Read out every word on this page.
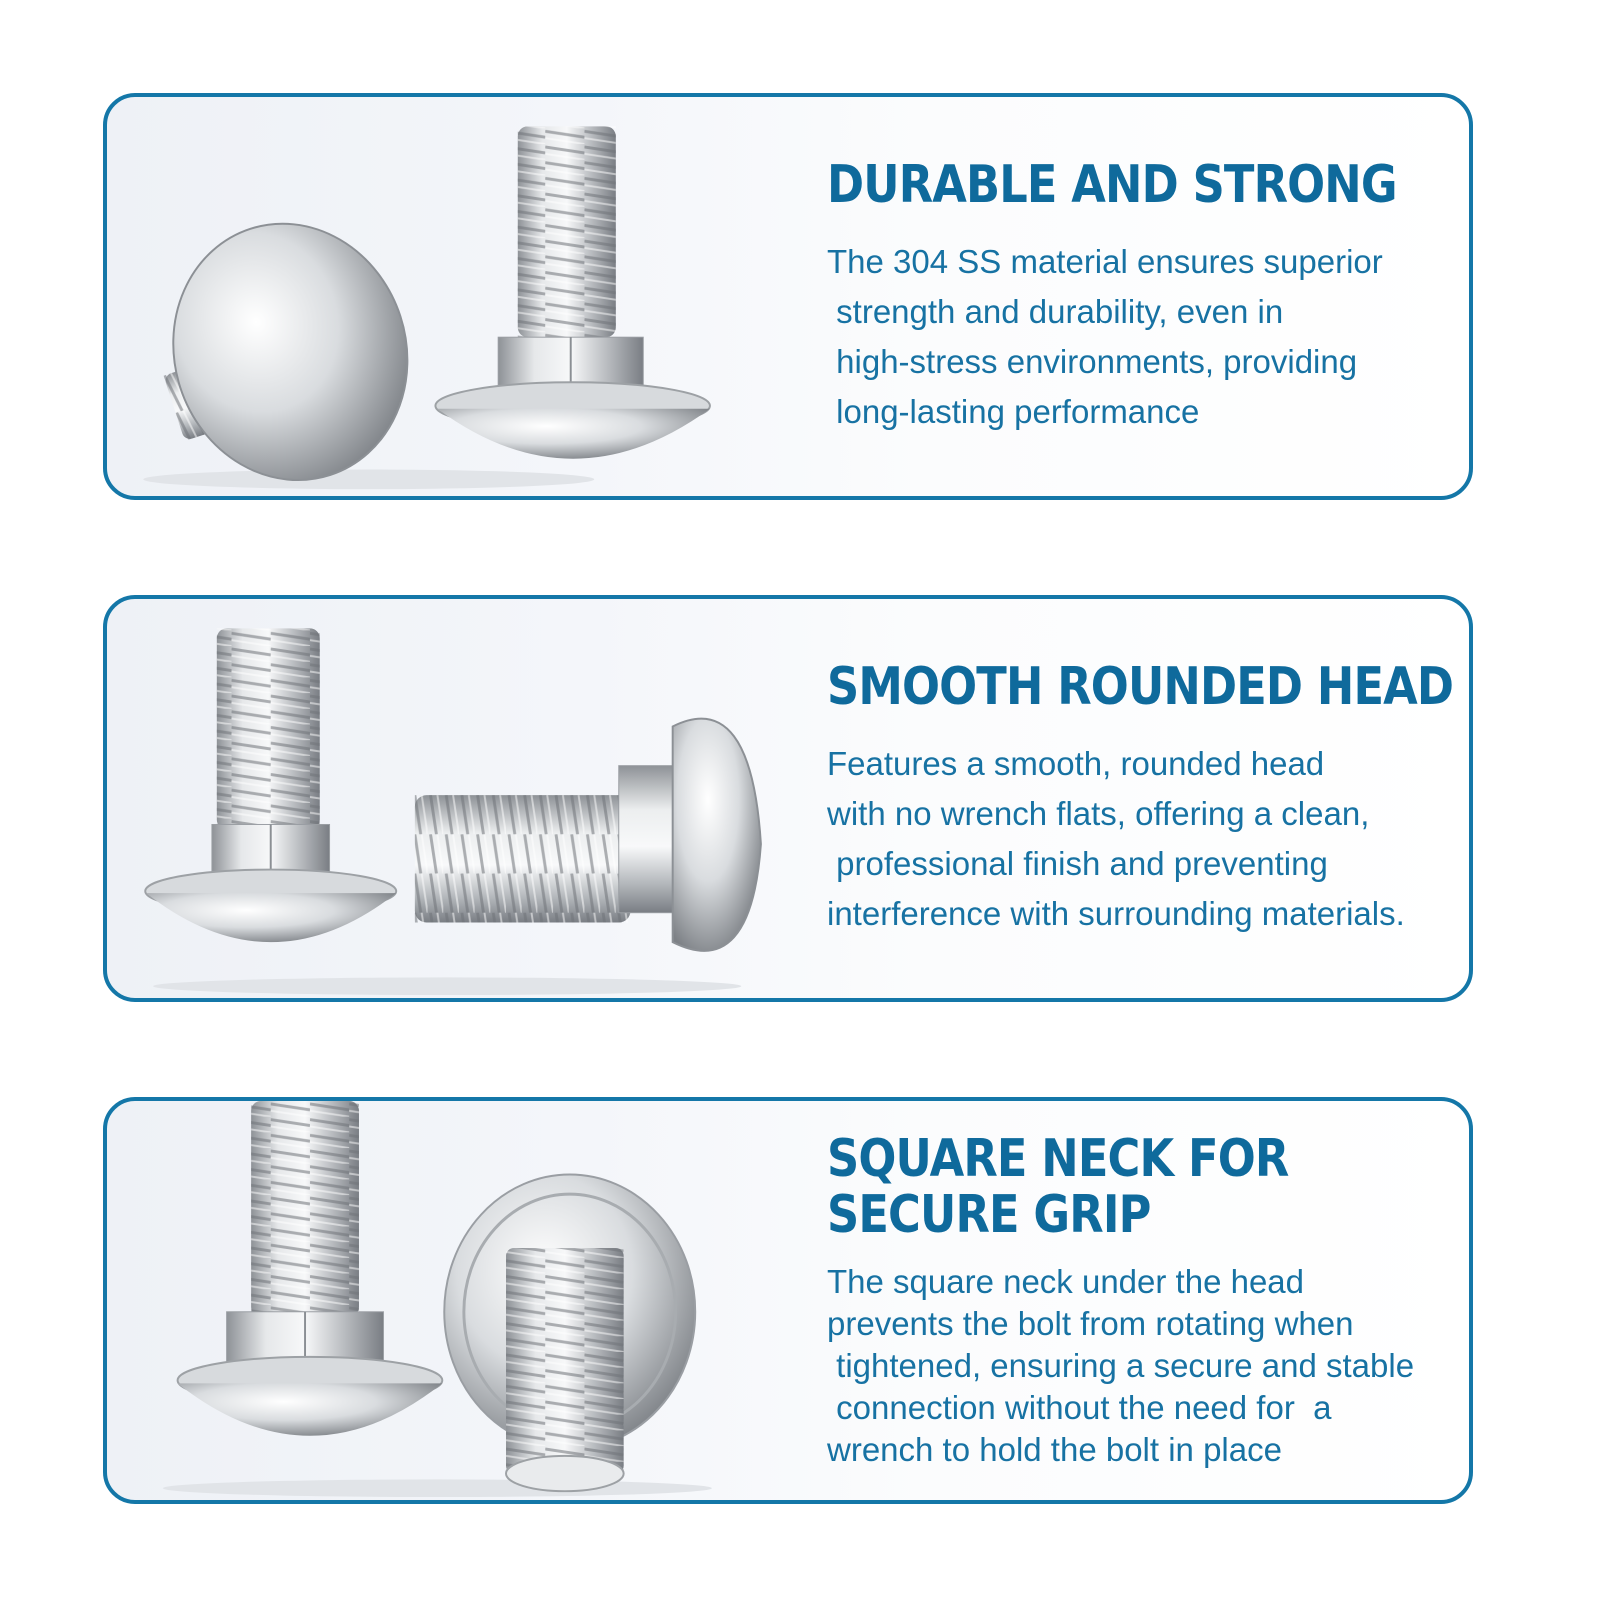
DURABLE AND STRONG
The 304 SS material ensures superior
strength and durability, even in
high-stress environments, providing
long-lasting performance
SMOOTH ROUNDED HEAD
Features a smooth, rounded head
with no wrench flats, offering a clean,
professional finish and preventing
interference with surrounding materials.
SQUARE NECK FOR SECURE GRIP
The square neck under the head
prevents the bolt from rotating when
tightened, ensuring a secure and stable
connection without the need for  a
wrench to hold the bolt in place
